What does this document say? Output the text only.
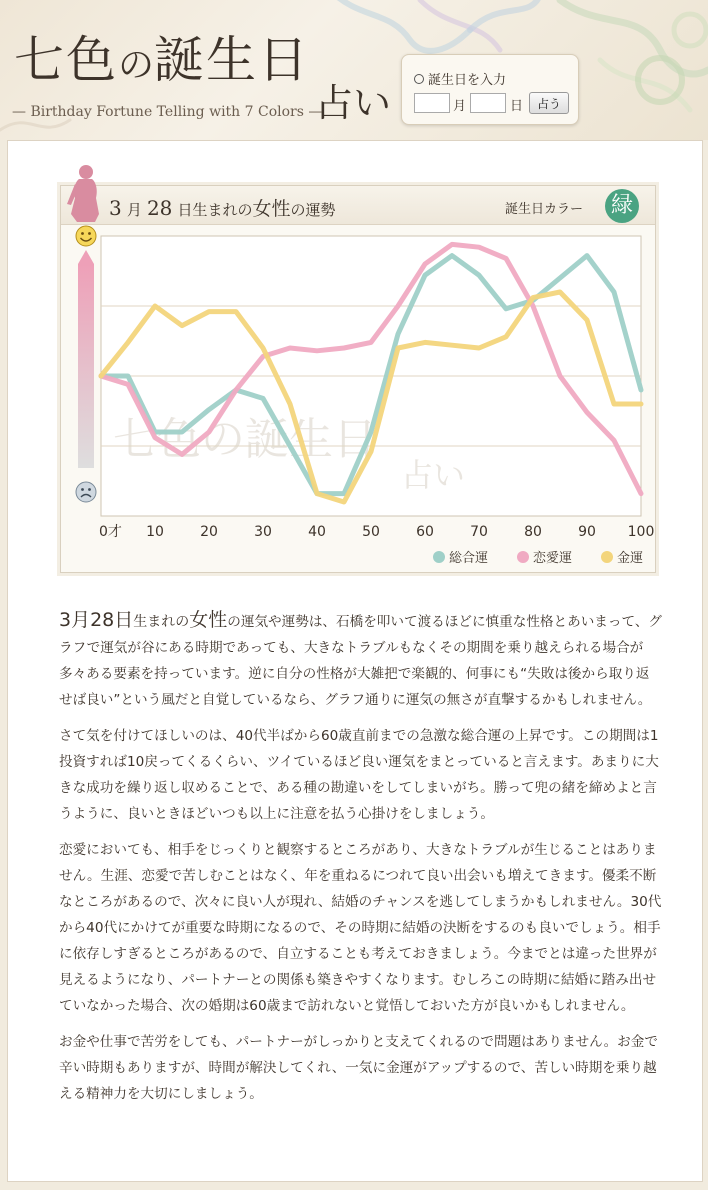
七色の誕生日
占い
— Birthday Fortune Telling with 7 Colors —
誕生日を入力
月	日	占う
3 月 28 日生まれの女性の運勢	誕生日カラー 緑
七色の誕生日
占い
0才 10	20	30	40	50	60	70	80	90 100
総合運	恋愛運	金運

3月28日生まれの女性の運気や運勢は、石橋を叩いて渡るほどに慎重な性格とあいまって、グラフで運気が谷にある時期であっても、大きなトラブルもなくその期間を乗り越えられる場合が多々ある要素を持っています。逆に自分の性格が大雑把で楽観的、何事にも“失敗は後から取り返せば良い”という風だと自覚しているなら、グラフ通りに運気の無さが直撃するかもしれません。

さて気を付けてほしいのは、40代半ばから60歳直前までの急激な総合運の上昇です。この期間は1投資すれば10戻ってくるくらい、ツイているほど良い運気をまとっていると言えます。あまりに大きな成功を繰り返し収めることで、ある種の勘違いをしてしまいがち。勝って兜の緒を締めよと言うように、良いときほどいつも以上に注意を払う心掛けをしましょう。

恋愛においても、相手をじっくりと観察するところがあり、大きなトラブルが生じることはありません。生涯、恋愛で苦しむことはなく、年を重ねるにつれて良い出会いも増えてきます。優柔不断なところがあるので、次々に良い人が現れ、結婚のチャンスを逃してしまうかもしれません。30代から40代にかけてが重要な時期になるので、その時期に結婚の決断をするのも良いでしょう。相手に依存しすぎるところがあるので、自立することも考えておきましょう。今までとは違った世界が見えるようになり、パートナーとの関係も築きやすくなります。むしろこの時期に結婚に踏み出せていなかった場合、次の婚期は60歳まで訪れないと覚悟しておいた方が良いかもしれません。

お金や仕事で苦労をしても、パートナーがしっかりと支えてくれるので問題はありません。お金で辛い時期もありますが、時間が解決してくれ、一気に金運がアップするので、苦しい時期を乗り越える精神力を大切にしましょう。
